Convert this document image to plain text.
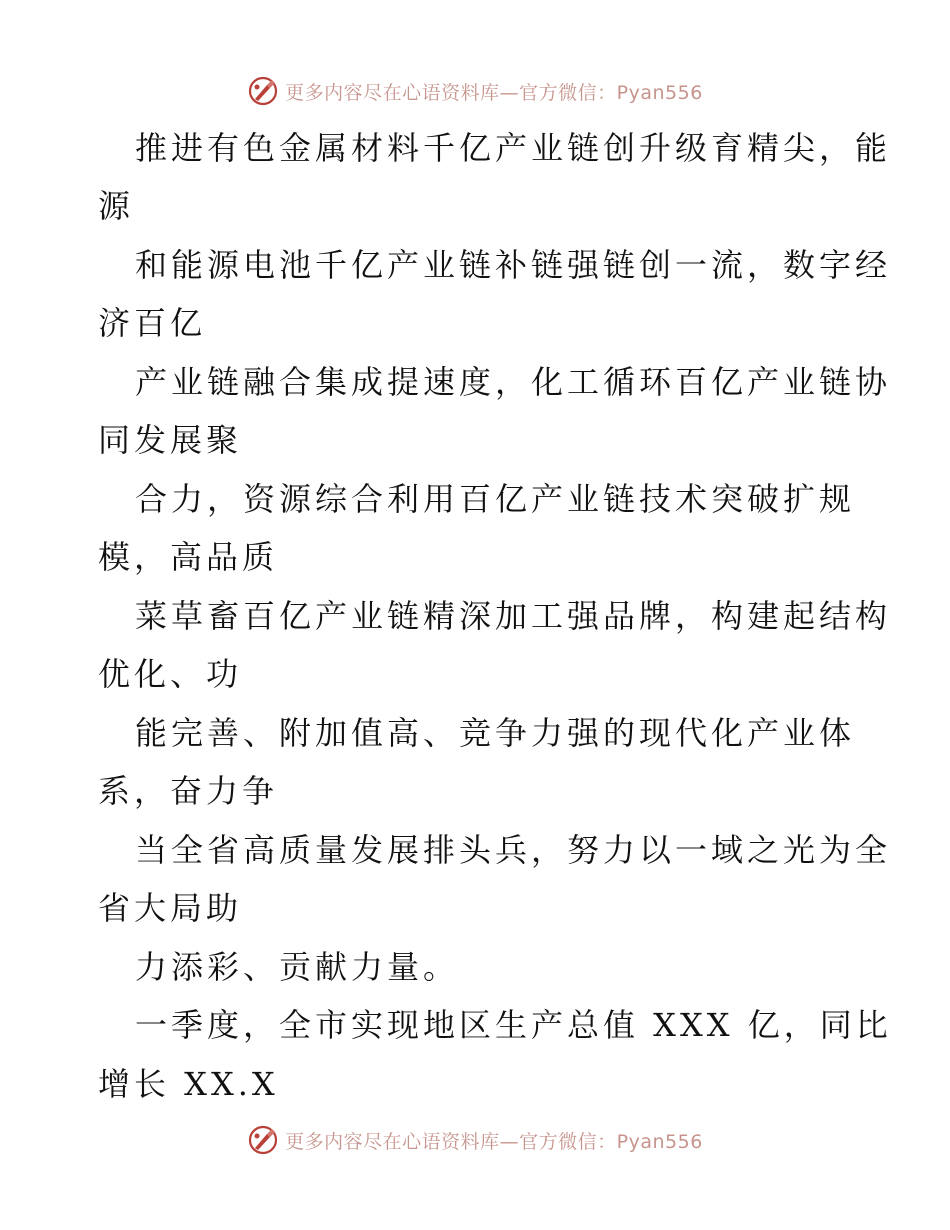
更多内容尽在心语资料库—官方微信：Pyan556
推进有色金属材料千亿产业链创升级育精尖，能
源
和能源电池千亿产业链补链强链创一流，数字经
济百亿
产业链融合集成提速度，化工循环百亿产业链协
同发展聚
合力，资源综合利用百亿产业链技术突破扩规
模，高品质
菜草畜百亿产业链精深加工强品牌，构建起结构
优化、功
能完善、附加值高、竞争力强的现代化产业体
系，奋力争
当全省高质量发展排头兵，努力以一域之光为全
省大局助
力添彩、贡献力量。
一季度，全市实现地区生产总值 XXX 亿，同比
增长 XX.X
更多内容尽在心语资料库—官方微信：Pyan556
